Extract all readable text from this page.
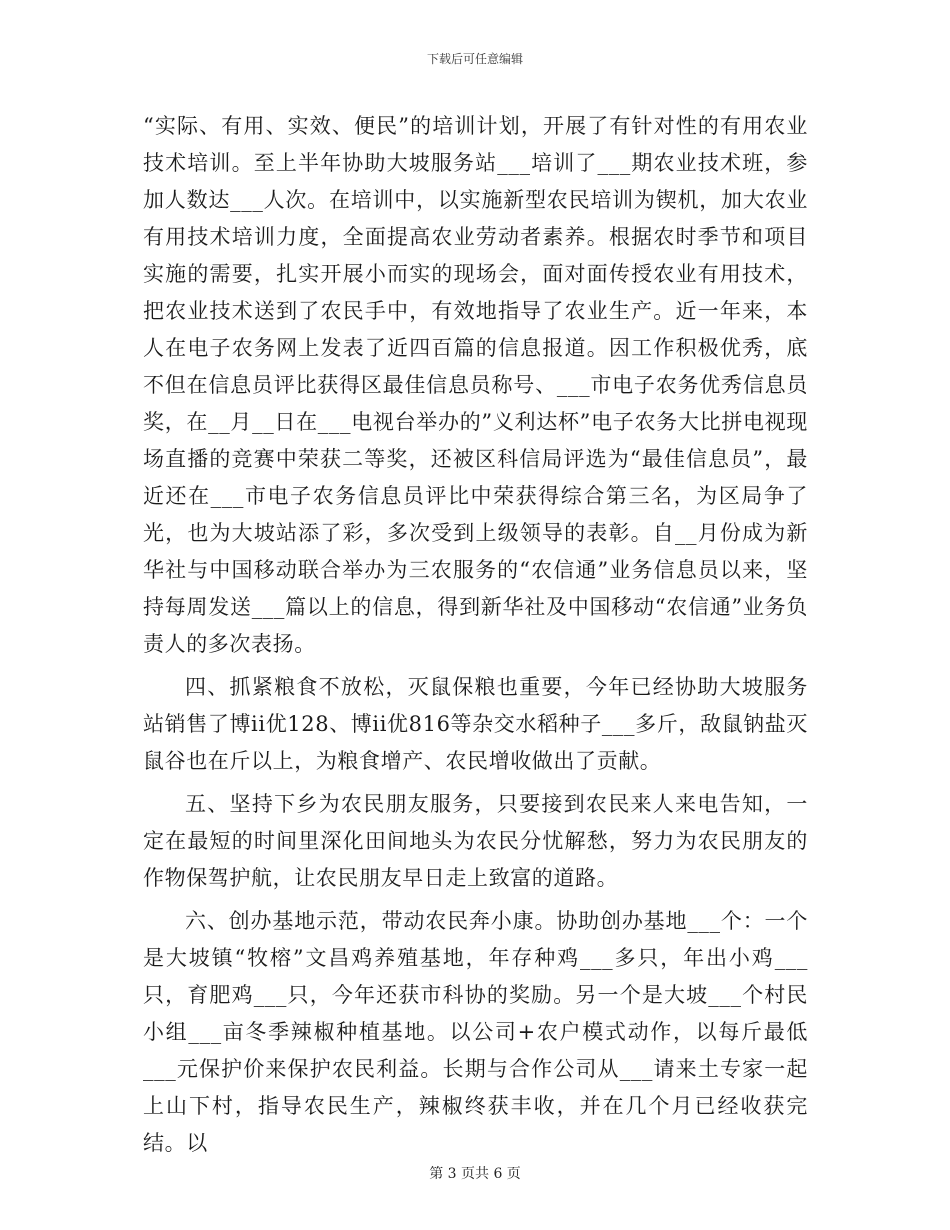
下载后可任意编辑

“实际、有用、实效、便民”的培训计划，开展了有针对性的有用农业技术培训。至上半年协助大坡服务站___培训了___期农业技术班，参加人数达___人次。在培训中，以实施新型农民培训为锲机，加大农业有用技术培训力度，全面提高农业劳动者素养。根据农时季节和项目实施的需要，扎实开展小而实的现场会，面对面传授农业有用技术，把农业技术送到了农民手中，有效地指导了农业生产。近一年来，本人在电子农务网上发表了近四百篇的信息报道。因工作积极优秀，底不但在信息员评比获得区最佳信息员称号、___市电子农务优秀信息员奖，在__月__日在___电视台举办的”义利达杯”电子农务大比拼电视现场直播的竞赛中荣获二等奖，还被区科信局评选为“最佳信息员”，最近还在___市电子农务信息员评比中荣获得综合第三名，为区局争了光，也为大坡站添了彩，多次受到上级领导的表彰。自__月份成为新华社与中国移动联合举办为三农服务的“农信通”业务信息员以来，坚持每周发送___篇以上的信息，得到新华社及中国移动“农信通”业务负责人的多次表扬。

四、抓紧粮食不放松，灭鼠保粮也重要，今年已经协助大坡服务站销售了博ii优128、博ii优816等杂交水稻种子___多斤，敌鼠钠盐灭鼠谷也在斤以上，为粮食增产、农民增收做出了贡献。

五、坚持下乡为农民朋友服务，只要接到农民来人来电告知，一定在最短的时间里深化田间地头为农民分忧解愁，努力为农民朋友的作物保驾护航，让农民朋友早日走上致富的道路。

六、创办基地示范，带动农民奔小康。协助创办基地___个：一个是大坡镇“牧榕”文昌鸡养殖基地，年存种鸡___多只，年出小鸡___只，育肥鸡___只，今年还获市科协的奖励。另一个是大坡___个村民小组___亩冬季辣椒种植基地。以公司+农户模式动作，以每斤最低___元保护价来保护农民利益。长期与合作公司从___请来土专家一起上山下村，指导农民生产，辣椒终获丰收，并在几个月已经收获完结。以

第 3 页共 6 页
